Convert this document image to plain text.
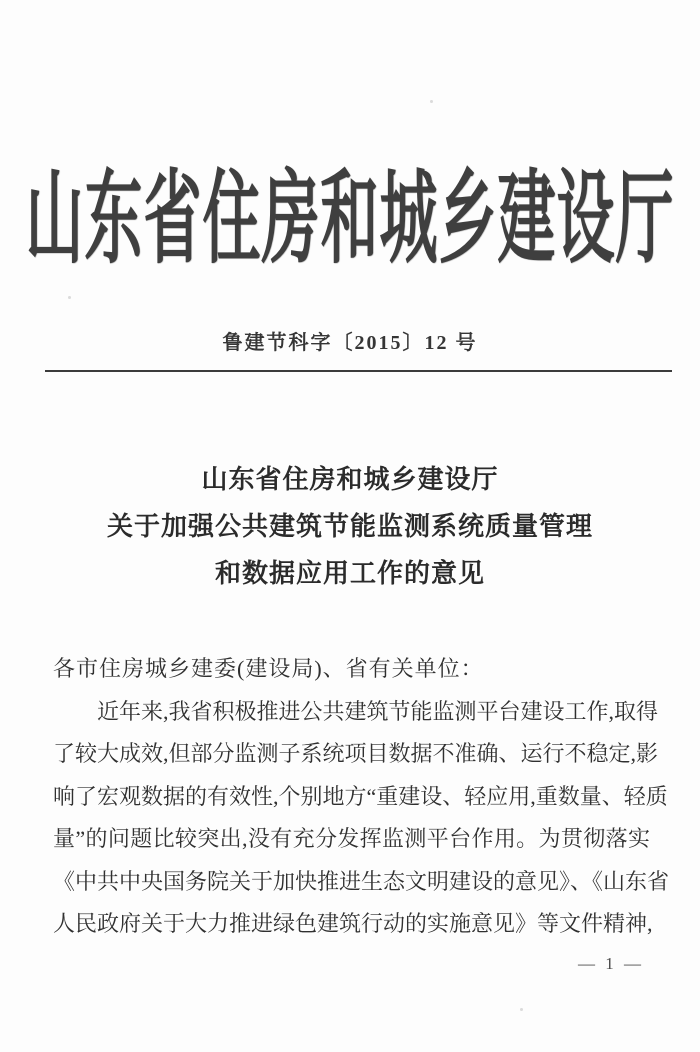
山东省住房和城乡建设厅
鲁建节科字〔2015〕12 号
山东省住房和城乡建设厅
关于加强公共建筑节能监测系统质量管理
和数据应用工作的意见
各市住房城乡建委(建设局)、省有关单位：
近年来,我省积极推进公共建筑节能监测平台建设工作,取得
了较大成效,但部分监测子系统项目数据不准确、运行不稳定,影
响了宏观数据的有效性,个别地方“重建设、轻应用,重数量、轻质
量”的问题比较突出,没有充分发挥监测平台作用。为贯彻落实
《中共中央国务院关于加快推进生态文明建设的意见》、《山东省
人民政府关于大力推进绿色建筑行动的实施意见》等文件精神,
— 1 —
